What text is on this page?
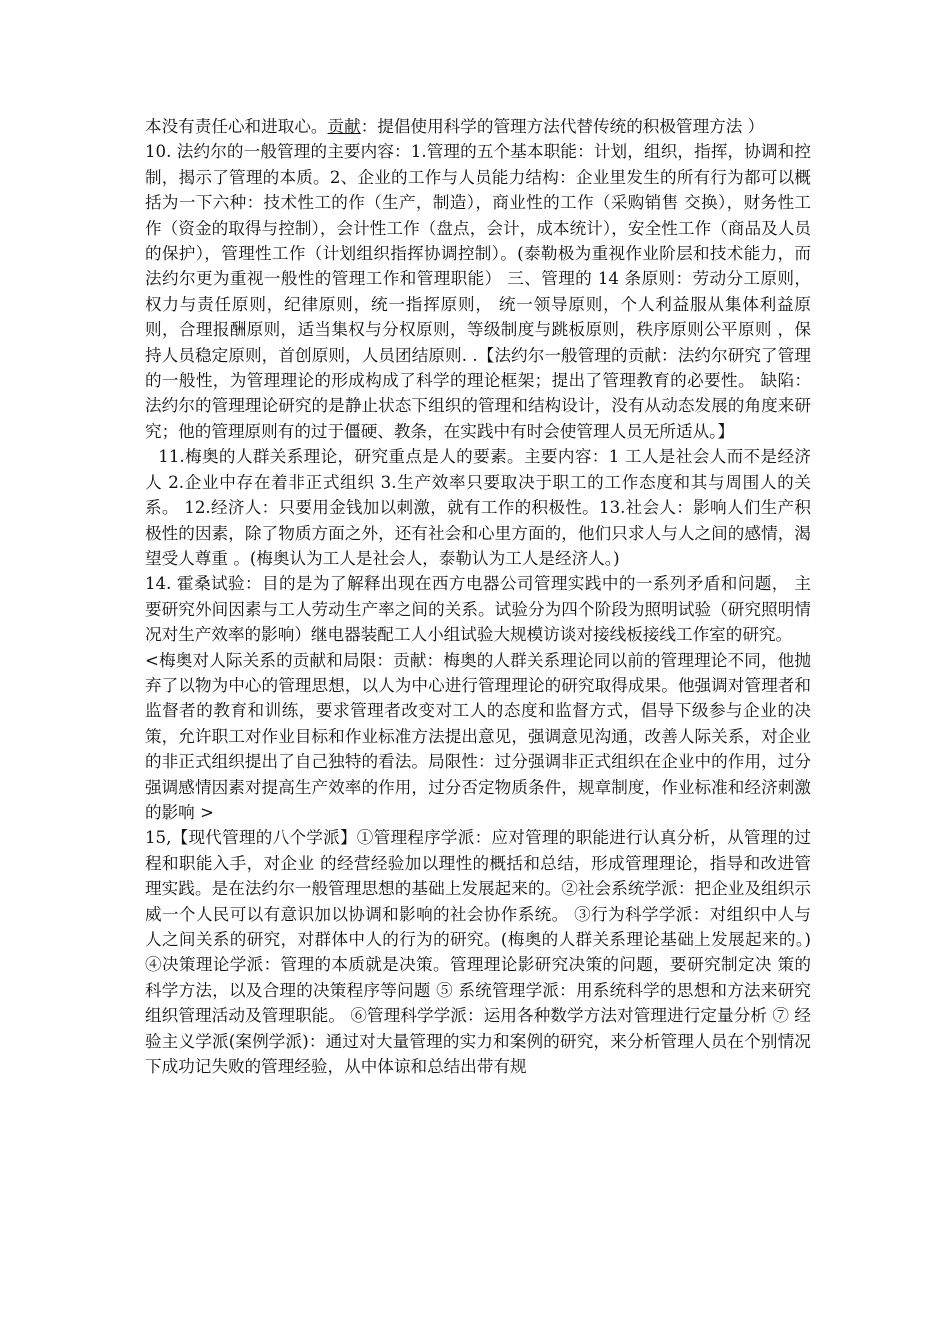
本没有责任心和进取心。贡献：提倡使用科学的管理方法代替传统的积极管理方法 ）

10. 法约尔的一般管理的主要内容：1.管理的五个基本职能：计划，组织，指挥，协调和控制，揭示了管理的本质。2、企业的工作与人员能力结构：企业里发生的所有行为都可以概括为一下六种：技术性工的作（生产，制造），商业性的工作（采购销售 交换），财务性工作（资金的取得与控制），会计性工作（盘点，会计，成本统计），安全性工作（商品及人员的保护），管理性工作（计划组织指挥协调控制）。(泰勒极为重视作业阶层和技术能力，而法约尔更为重视一般性的管理工作和管理职能） 三、管理的 14 条原则：劳动分工原则，权力与责任原则，纪律原则，统一指挥原则， 统一领导原则，个人利益服从集体利益原则，合理报酬原则，适当集权与分权原则，等级制度与跳板原则，秩序原则公平原则 ，保持人员稳定原则，首创原则，人员团结原则. .【法约尔一般管理的贡献：法约尔研究了管理的一般性，为管理理论的形成构成了科学的理论框架；提出了管理教育的必要性。 缺陷：法约尔的管理理论研究的是静止状态下组织的管理和结构设计，没有从动态发展的角度来研究；他的管理原则有的过于僵硬、教条，在实践中有时会使管理人员无所适从。】

11.梅奥的人群关系理论，研究重点是人的要素。主要内容：1 工人是社会人而不是经济人 2.企业中存在着非正式组织 3.生产效率只要取决于职工的工作态度和其与周围人的关系。 12.经济人：只要用金钱加以刺激，就有工作的积极性。13.社会人：影响人们生产积极性的因素，除了物质方面之外，还有社会和心里方面的，他们只求人与人之间的感情，渴望受人尊重 。(梅奥认为工人是社会人，泰勒认为工人是经济人。)

14. 霍桑试验：目的是为了解释出现在西方电器公司管理实践中的一系列矛盾和问题， 主要研究外间因素与工人劳动生产率之间的关系。试验分为四个阶段为照明试验（研究照明情况对生产效率的影响）继电器装配工人小组试验大规模访谈对接线板接线工作室的研究。

<梅奥对人际关系的贡献和局限：贡献：梅奥的人群关系理论同以前的管理理论不同，他抛弃了以物为中心的管理思想，以人为中心进行管理理论的研究取得成果。他强调对管理者和监督者的教育和训练，要求管理者改变对工人的态度和监督方式，倡导下级参与企业的决策，允许职工对作业目标和作业标准方法提出意见，强调意见沟通，改善人际关系，对企业的非正式组织提出了自己独特的看法。局限性：过分强调非正式组织在企业中的作用，过分强调感情因素对提高生产效率的作用，过分否定物质条件，规章制度，作业标准和经济刺激的影响 >

15,【现代管理的八个学派】①管理程序学派：应对管理的职能进行认真分析，从管理的过程和职能入手，对企业 的经营经验加以理性的概括和总结，形成管理理论，指导和改进管理实践。是在法约尔一般管理思想的基础上发展起来的。②社会系统学派：把企业及组织示威一个人民可以有意识加以协调和影响的社会协作系统。 ③行为科学学派：对组织中人与人之间关系的研究，对群体中人的行为的研究。(梅奥的人群关系理论基础上发展起来的。) ④决策理论学派：管理的本质就是决策。管理理论影研究决策的问题，要研究制定决 策的科学方法，以及合理的决策程序等问题 ⑤ 系统管理学派：用系统科学的思想和方法来研究组织管理活动及管理职能。 ⑥管理科学学派：运用各种数学方法对管理进行定量分析 ⑦ 经验主义学派(案例学派)：通过对大量管理的实力和案例的研究，来分析管理人员在个别情况下成功记失败的管理经验，从中体谅和总结出带有规
